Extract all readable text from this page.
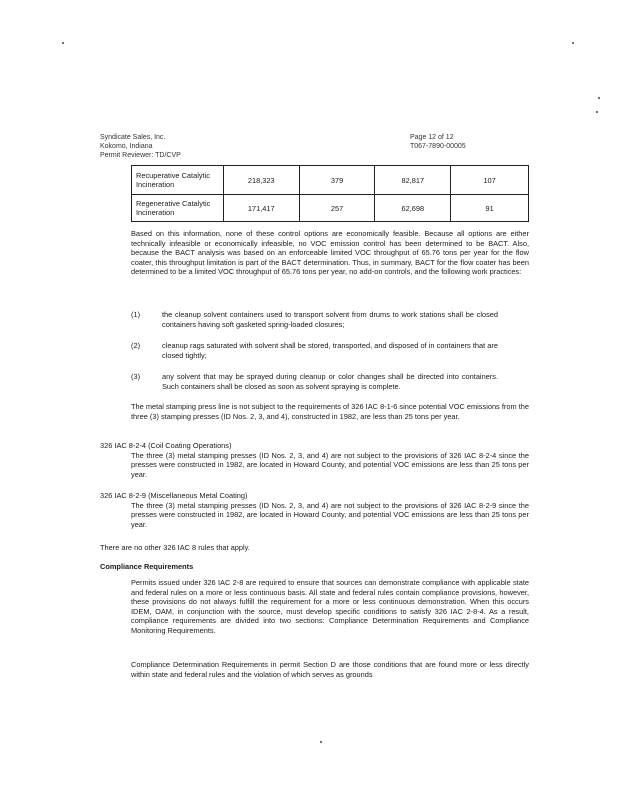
Syndicate Sales, Inc.
Kokomo, Indiana
Permit Reviewer: TD/CVP
Page 12 of 12
T067-7890-00005
Recuperative Catalytic Incineration	218,323	379	82,817	107
Regenerative Catalytic Incineration	171,417	257	62,698	91

Based on this information, none of these control options are economically feasible. Because all options are either technically infeasible or economically infeasible, no VOC emission control has been determined to be BACT. Also, because the BACT analysis was based on an enforceable limited VOC throughput of 65.76 tons per year for the flow coater, this throughput limitation is part of the BACT determination. Thus, in summary, BACT for the flow coater has been determined to be a limited VOC throughput of 65.76 tons per year, no add-on controls, and the following work practices:

(1)	the cleanup solvent containers used to transport solvent from drums to work stations shall be closed containers having soft gasketed spring-loaded closures;
(2)	cleanup rags saturated with solvent shall be stored, transported, and disposed of in containers that are closed tightly;
(3)	any solvent that may be sprayed during cleanup or color changes shall be directed into containers. Such containers shall be closed as soon as solvent spraying is complete.

The metal stamping press line is not subject to the requirements of 326 IAC 8-1-6 since potential VOC emissions from the three (3) stamping presses (ID Nos. 2, 3, and 4), constructed in 1982, are less than 25 tons per year.

326 IAC 8-2-4 (Coil Coating Operations)
The three (3) metal stamping presses (ID Nos. 2, 3, and 4) are not subject to the provisions of 326 IAC 8-2-4 since the presses were constructed in 1982, are located in Howard County, and potential VOC emissions are less than 25 tons per year.
326 IAC 8-2-9 (Miscellaneous Metal Coating)
The three (3) metal stamping presses (ID Nos. 2, 3, and 4) are not subject to the provisions of 326 IAC 8-2-9 since the presses were constructed in 1982, are located in Howard County, and potential VOC emissions are less than 25 tons per year.
There are no other 326 IAC 8 rules that apply.
Compliance Requirements

Permits issued under 326 IAC 2-8 are required to ensure that sources can demonstrate compliance with applicable state and federal rules on a more or less continuous basis. All state and federal rules contain compliance provisions, however, these provisions do not always fulfill the requirement for a more or less continuous demonstration. When this occurs IDEM, OAM, in conjunction with the source, must develop specific conditions to satisfy 326 IAC 2-8-4. As a result, compliance requirements are divided into two sections: Compliance Determination Requirements and Compliance Monitoring Requirements.

Compliance Determination Requirements in permit Section D are those conditions that are found more or less directly within state and federal rules and the violation of which serves as grounds
